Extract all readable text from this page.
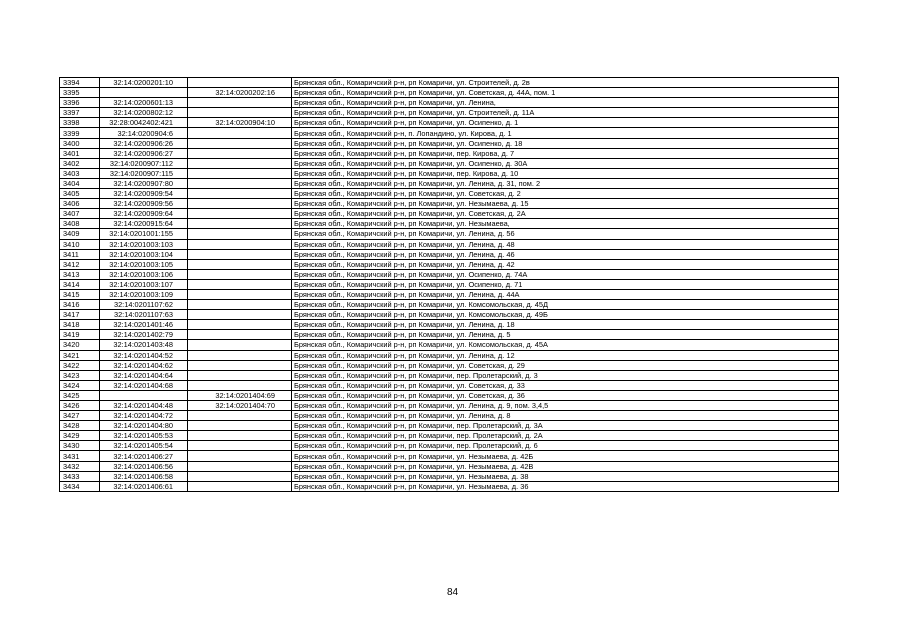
3394	32:14:0200201:10		Брянская обл., Комаричский р-н, рп Комаричи, ул. Строителей, д. 2в
3395		32:14:0200202:16	Брянская обл., Комаричский р-н, рп Комаричи, ул. Советская, д. 44А, пом. 1
3396	32:14:0200601:13		Брянская обл., Комаричский р-н, рп Комаричи, ул. Ленина,
3397	32:14:0200802:12		Брянская обл., Комаричский р-н, рп Комаричи, ул. Строителей, д. 11А
3398	32:28:0042402:421	32:14:0200904:10	Брянская обл., Комаричский р-н, рп Комаричи, ул. Осипенко, д. 1
3399	32:14:0200904:6		Брянская обл., Комаричский р-н, п. Лопандино, ул. Кирова, д. 1
3400	32:14:0200906:26		Брянская обл., Комаричский р-н, рп Комаричи, ул. Осипенко, д. 18
3401	32:14:0200906:27		Брянская обл., Комаричский р-н, рп Комаричи, пер. Кирова, д. 7
3402	32:14:0200907:112		Брянская обл., Комаричский р-н, рп Комаричи, ул. Осипенко, д. 30А
3403	32:14:0200907:115		Брянская обл., Комаричский р-н, рп Комаричи, пер. Кирова, д. 10
3404	32:14:0200907:80		Брянская обл., Комаричский р-н, рп Комаричи, ул. Ленина, д. 31, пом. 2
3405	32:14:0200909:54		Брянская обл., Комаричский р-н, рп Комаричи, ул. Советская, д. 2
3406	32:14:0200909:56		Брянская обл., Комаричский р-н, рп Комаричи, ул. Незымаева, д. 15
3407	32:14:0200909:64		Брянская обл., Комаричский р-н, рп Комаричи, ул. Советская, д. 2А
3408	32:14:0200915:64		Брянская обл., Комаричский р-н, рп Комаричи, ул. Незымаева,
3409	32:14:0201001:155		Брянская обл., Комаричский р-н, рп Комаричи, ул. Ленина, д. 56
3410	32:14:0201003:103		Брянская обл., Комаричский р-н, рп Комаричи, ул. Ленина, д. 48
3411	32:14:0201003:104		Брянская обл., Комаричский р-н, рп Комаричи, ул. Ленина, д. 46
3412	32:14:0201003:105		Брянская обл., Комаричский р-н, рп Комаричи, ул. Ленина, д. 42
3413	32:14:0201003:106		Брянская обл., Комаричский р-н, рп Комаричи, ул. Осипенко, д. 74А
3414	32:14:0201003:107		Брянская обл., Комаричский р-н, рп Комаричи, ул. Осипенко, д. 71
3415	32:14:0201003:109		Брянская обл., Комаричский р-н, рп Комаричи, ул. Ленина, д. 44А
3416	32:14:0201107:62		Брянская обл., Комаричский р-н, рп Комаричи, ул. Комсомольская, д. 45Д
3417	32:14:0201107:63		Брянская обл., Комаричский р-н, рп Комаричи, ул. Комсомольская, д. 49Б
3418	32:14:0201401:46		Брянская обл., Комаричский р-н, рп Комаричи, ул. Ленина, д. 18
3419	32:14:0201402:79		Брянская обл., Комаричский р-н, рп Комаричи, ул. Ленина, д. 5
3420	32:14:0201403:48		Брянская обл., Комаричский р-н, рп Комаричи, ул. Комсомольская, д. 45А
3421	32:14:0201404:52		Брянская обл., Комаричский р-н, рп Комаричи, ул. Ленина, д. 12
3422	32:14:0201404:62		Брянская обл., Комаричский р-н, рп Комаричи, ул. Советская, д. 29
3423	32:14:0201404:64		Брянская обл., Комаричский р-н, рп Комаричи, пер. Пролетарский, д. 3
3424	32:14:0201404:68		Брянская обл., Комаричский р-н, рп Комаричи, ул. Советская, д. 33
3425		32:14:0201404:69	Брянская обл., Комаричский р-н, рп Комаричи, ул. Советская, д. 36
3426	32:14:0201404:48	32:14:0201404:70	Брянская обл., Комаричский р-н, рп Комаричи, ул. Ленина, д. 9, пом. 3,4,5
3427	32:14:0201404:72		Брянская обл., Комаричский р-н, рп Комаричи, ул. Ленина, д. 8
3428	32:14:0201404:80		Брянская обл., Комаричский р-н, рп Комаричи, пер. Пролетарский, д. 3А
3429	32:14:0201405:53		Брянская обл., Комаричский р-н, рп Комаричи, пер. Пролетарский, д. 2А
3430	32:14:0201405:54		Брянская обл., Комаричский р-н, рп Комаричи, пер. Пролетарский, д. 6
3431	32:14:0201406:27		Брянская обл., Комаричский р-н, рп Комаричи, ул. Незымаева, д. 42Б
3432	32:14:0201406:56		Брянская обл., Комаричский р-н, рп Комаричи, ул. Незымаева, д. 42В
3433	32:14:0201406:58		Брянская обл., Комаричский р-н, рп Комаричи, ул. Незымаева, д. 38
3434	32:14:0201406:61		Брянская обл., Комаричский р-н, рп Комаричи, ул. Незымаева, д. 36
84
